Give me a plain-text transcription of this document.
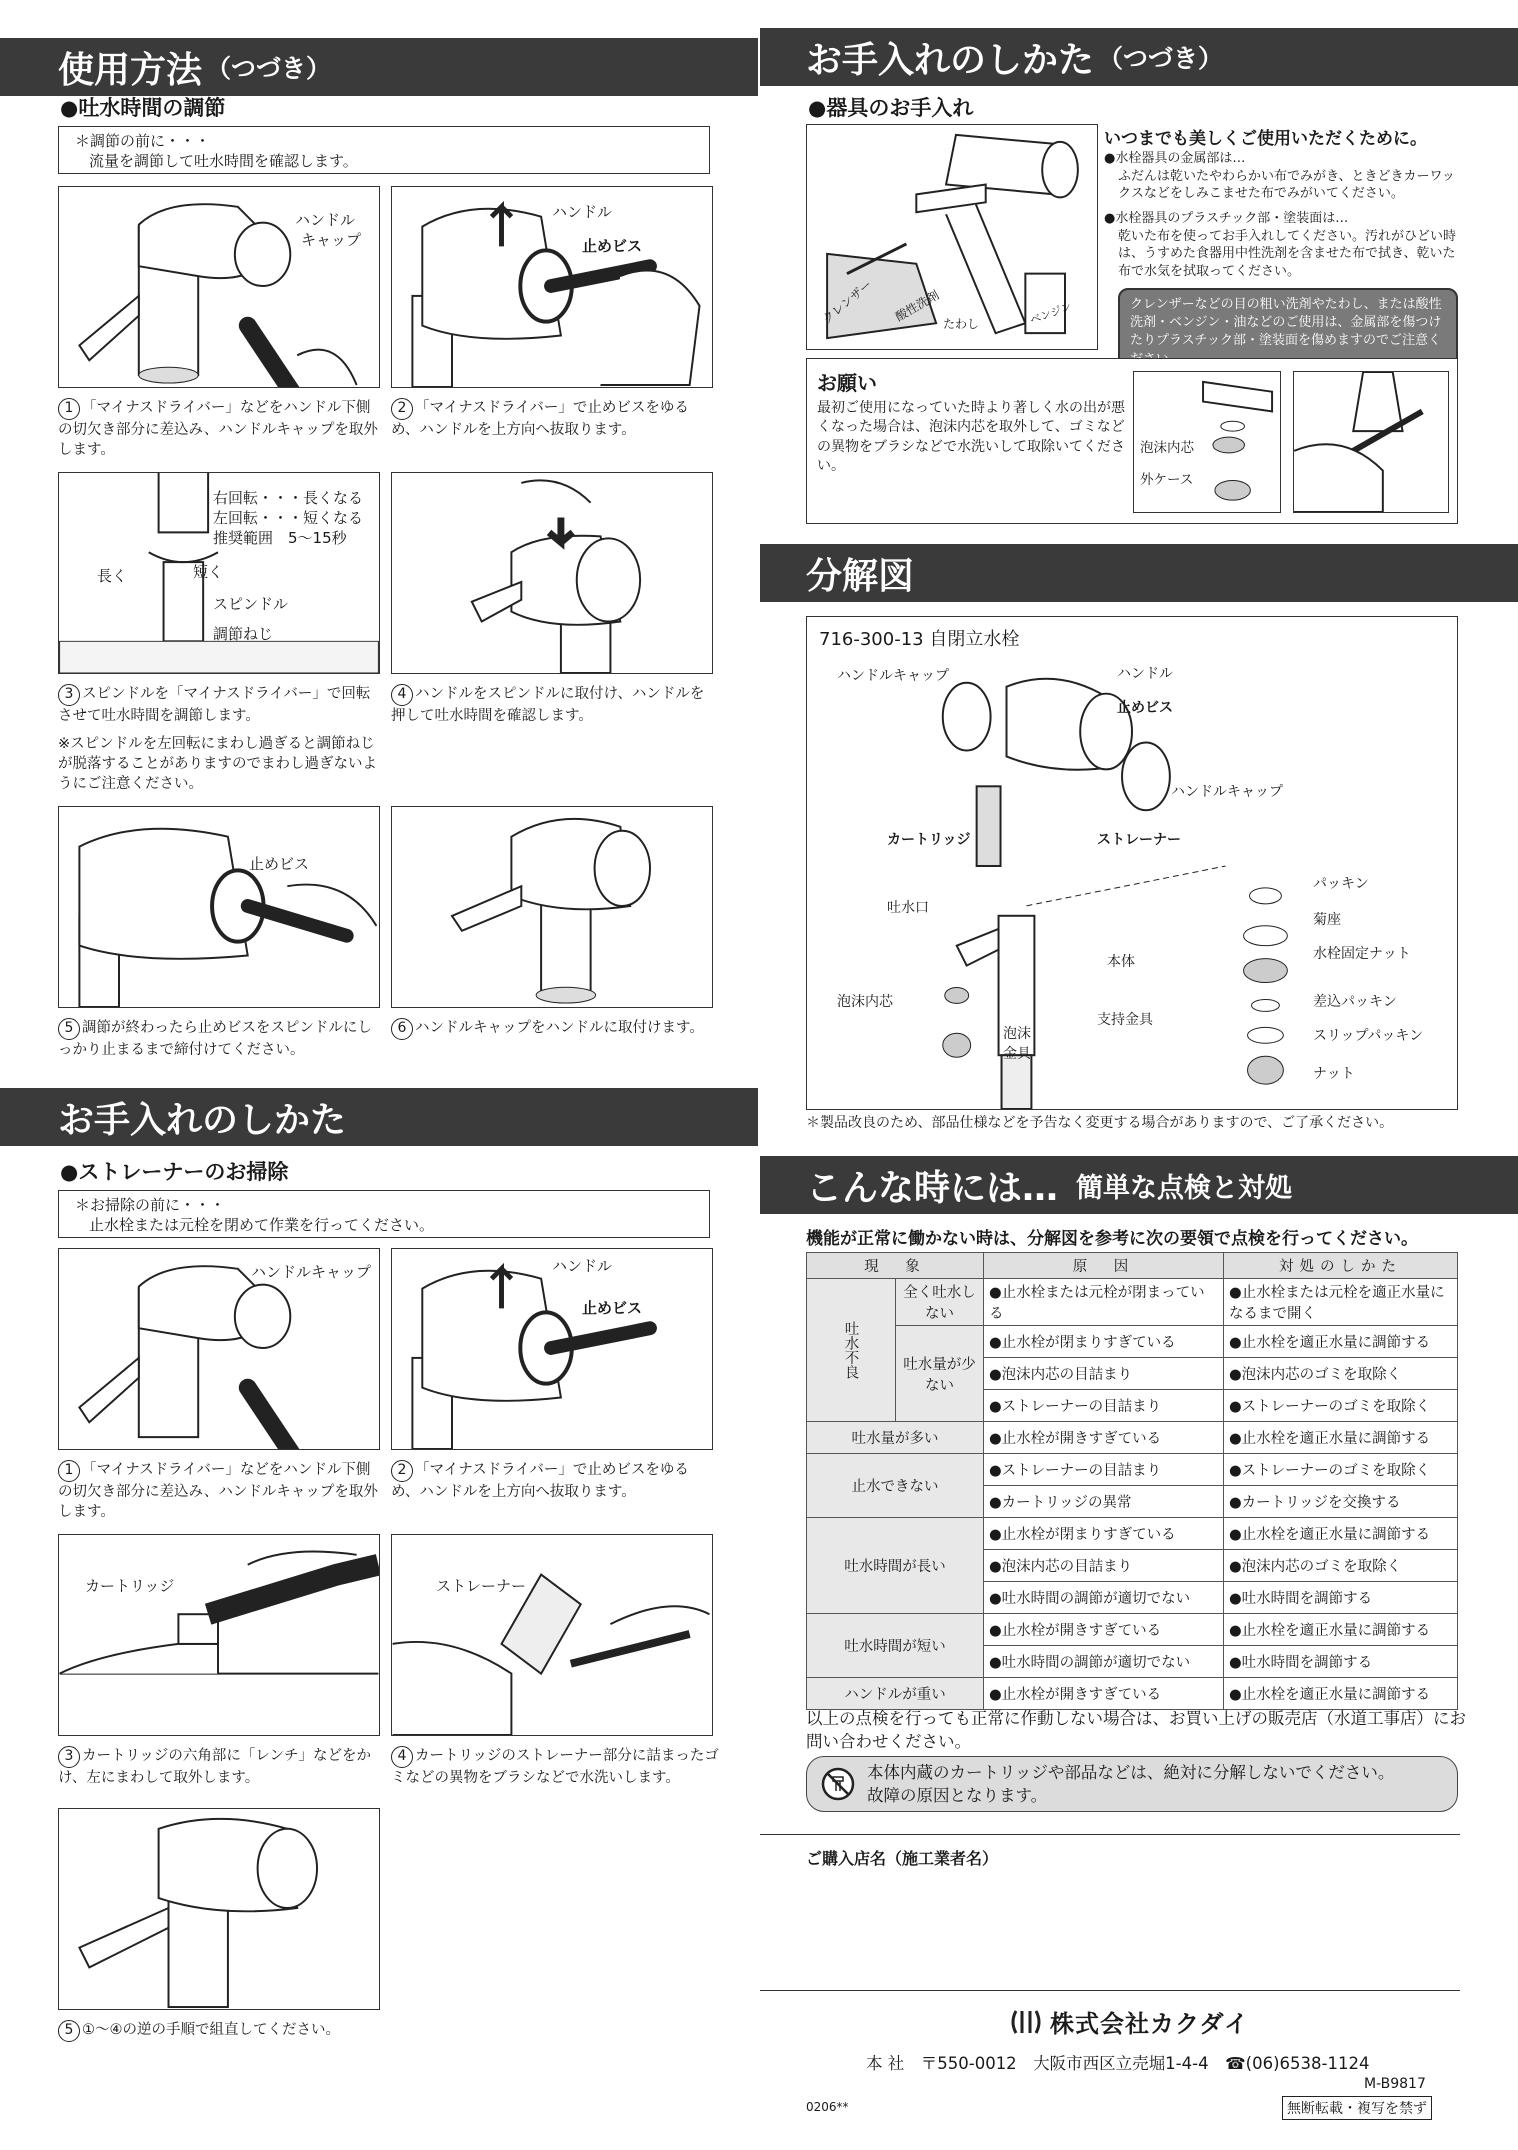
使用方法 （つづき）
●吐水時間の調節
＊調節の前に・・・
流量を調節して吐水時間を確認します。
ハンドル
キャップ
ハンドル
止めビス
1 「マイナスドライバー」などをハンドル下側の切欠き部分に差込み、ハンドルキャップを取外します。
2 「マイナスドライバー」で止めビスをゆるめ、ハンドルを上方向へ抜取ります。
右回転・・・長くなる
左回転・・・短くなる
推奨範囲　5〜15秒
長く	短く
スピンドル
調節ねじ
3 スピンドルを「マイナスドライバー」で回転させて吐水時間を調節します。
4 ハンドルをスピンドルに取付け、ハンドルを押して吐水時間を確認します。
※スピンドルを左回転にまわし過ぎると調節ねじが脱落することがありますのでまわし過ぎないようにご注意ください。
止めビス
5 調節が終わったら止めビスをスピンドルにしっかり止まるまで締付けてください。
6 ハンドルキャップをハンドルに取付けます。
お手入れのしかた
●ストレーナーのお掃除
＊お掃除の前に・・・
止水栓または元栓を閉めて作業を行ってください。
ハンドルキャップ	ハンドル
止めビス
1 「マイナスドライバー」などをハンドル下側の切欠き部分に差込み、ハンドルキャップを取外します。
2 「マイナスドライバー」で止めビスをゆるめ、ハンドルを上方向へ抜取ります。
カートリッジ	ストレーナー
3 カートリッジの六角部に「レンチ」などをかけ、左にまわして取外します。
4 カートリッジのストレーナー部分に詰まったゴミなどの異物をブラシなどで水洗いします。
5 ①〜④の逆の手順で組直してください。
お手入れのしかた （つづき）
●器具のお手入れ
クレンザー 酸性洗剤
たわし	ベンジン
いつまでも美しくご使用いただくために。
●水栓器具の金属部は…
ふだんは乾いたやわらかい布でみがき、ときどきカーワックスなどをしみこませた布でみがいてください。
●水栓器具のプラスチック部・塗装面は…
乾いた布を使ってお手入れしてください。汚れがひどい時は、うすめた食器用中性洗剤を含ませた布で拭き、乾いた布で水気を拭取ってください。
クレンザーなどの目の粗い洗剤やたわし、または酸性洗剤・ベンジン・油などのご使用は、金属部を傷つけたりプラスチック部・塗装面を傷めますのでご注意く
お願い
最初ご使用になっていた時より著しく水の出が悪くなった場合は、泡沫内芯を取外して、ゴミなどの異物をブラシなどで水洗いして取除いてください。
泡沫内芯
外ケース
分解図
716-300-13 自閉立水栓
ハンドルキャップ	ハンドル
止めビス
ハンドルキャップ
カートリッジ	ストレーナー
吐水口
パッキン
菊座
水栓固定ナット
本体
泡沫内芯	差込パッキン
泡沫金具
支持金具
スリップパッキン
ナット
＊製品改良のため、部品仕様などを予告なく変更する場合がありますので、ご了承ください。
こんな時には… 簡単な点検と対処
機能が正常に働かない時は、分解図を参考に次の要領で点検を行ってください。
現　象		原　因	対処のしかた
吐水不良	全く吐水しない	●止水栓または元栓が閉まっている	●止水栓または元栓を適正水量になるまで開く
	吐水量が少ない	●止水栓が閉まりすぎている	●止水栓を適正水量に調節する
		●泡沫内芯の目詰まり	●泡沫内芯のゴミを取除く
		●ストレーナーの目詰まり	●ストレーナーのゴミを取除く
吐水量が多い		●止水栓が開きすぎている	●止水栓を適正水量に調節する
止水できない		●ストレーナーの目詰まり	●ストレーナーのゴミを取除く
		●カートリッジの異常	●カートリッジを交換する
吐水時間が長い		●止水栓が閉まりすぎている	●止水栓を適正水量に調節する
		●泡沫内芯の目詰まり	●泡沫内芯のゴミを取除く
		●吐水時間の調節が適切でない	●吐水時間を調節する
吐水時間が短い		●止水栓が開きすぎている	●止水栓を適正水量に調節する
		●吐水時間の調節が適切でない	●吐水時間を調節する
ハンドルが重い		●止水栓が開きすぎている	●止水栓を適正水量に調節する
以上の点検を行っても正常に作動しない場合は、お買い上げの販売店（水道工事店）にお問い合わせください。
本体内蔵のカートリッジや部品などは、絶対に分解しないでください。
故障の原因となります。
ご購入店名（施工業者名）
株式会社カクダイ
本 社　〒550-0012　大阪市西区立売堀1-4-4　☎(06)6538-1124
M-B9817
0206**	無断転載・複写を禁ず
